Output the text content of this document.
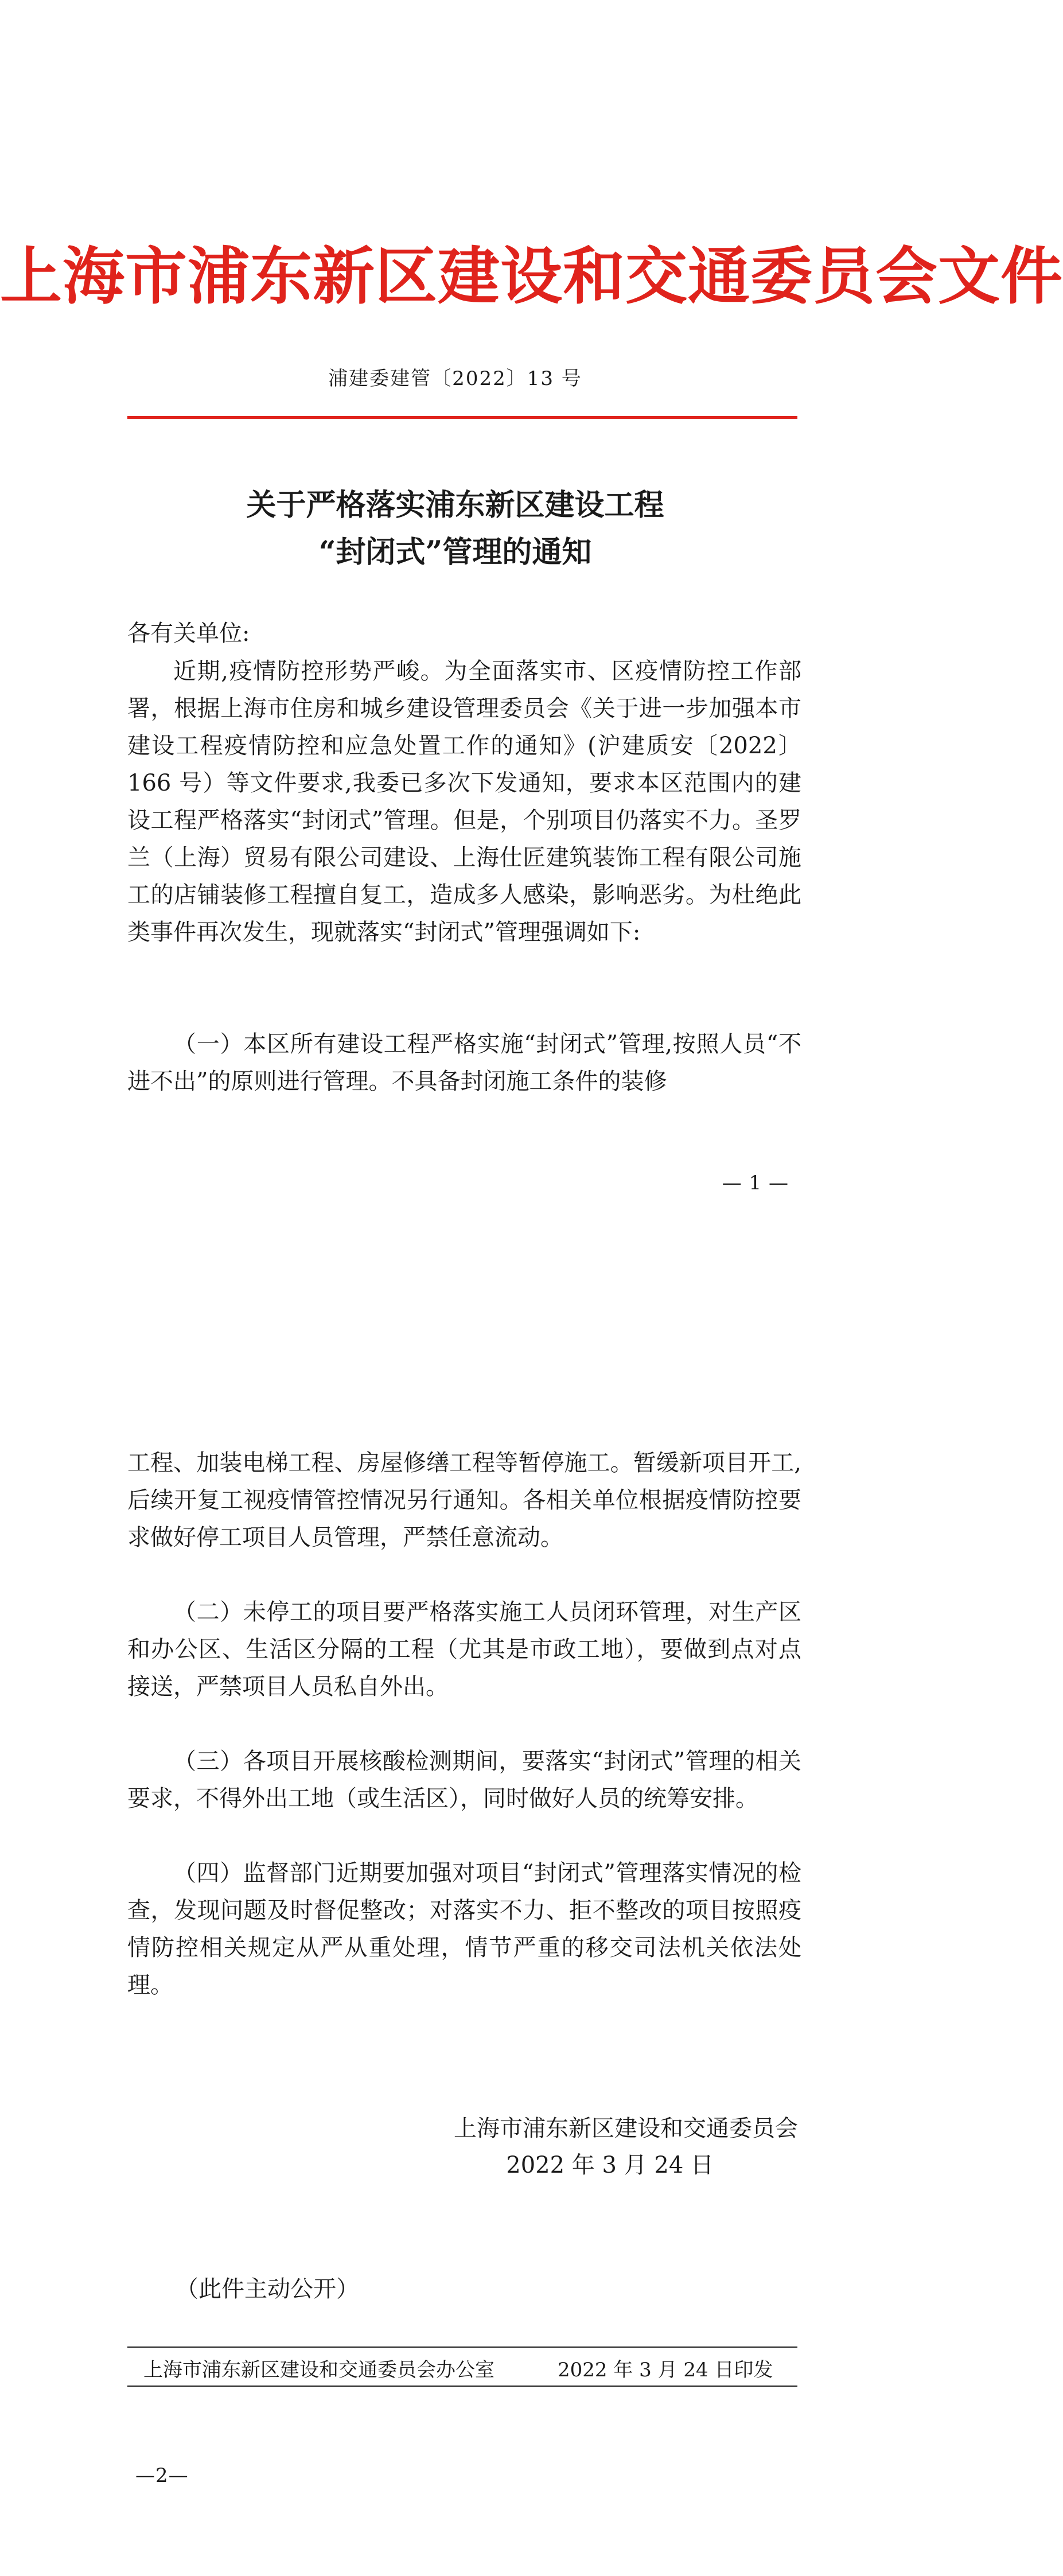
上海市浦东新区建设和交通委员会文件
浦建委建管〔2022〕13 号
关于严格落实浦东新区建设工程
“封闭式”管理的通知
各有关单位:

近期,疫情防控形势严峻。为全面落实市、区疫情防控工作部署，根据上海市住房和城乡建设管理委员会《关于进一步加强本市建设工程疫情防控和应急处置工作的通知》(沪建质安〔2022〕166 号）等文件要求,我委已多次下发通知，要求本区范围内的建设工程严格落实“封闭式”管理。但是，个别项目仍落实不力。圣罗兰（上海）贸易有限公司建设、上海仕匠建筑装饰工程有限公司施工的店铺装修工程擅自复工，造成多人感染，影响恶劣。为杜绝此类事件再次发生，现就落实“封闭式”管理强调如下:

（一）本区所有建设工程严格实施“封闭式”管理,按照人员“不进不出”的原则进行管理。不具备封闭施工条件的装修

— 1 —

工程、加装电梯工程、房屋修缮工程等暂停施工。暂缓新项目开工,后续开复工视疫情管控情况另行通知。各相关单位根据疫情防控要求做好停工项目人员管理，严禁任意流动。

（二）未停工的项目要严格落实施工人员闭环管理，对生产区和办公区、生活区分隔的工程（尤其是市政工地），要做到点对点接送，严禁项目人员私自外出。

（三）各项目开展核酸检测期间，要落实“封闭式”管理的相关要求，不得外出工地（或生活区），同时做好人员的统筹安排。

（四）监督部门近期要加强对项目“封闭式”管理落实情况的检查，发现问题及时督促整改；对落实不力、拒不整改的项目按照疫情防控相关规定从严从重处理，情节严重的移交司法机关依法处理。

上海市浦东新区建设和交通委员会
2022 年 3 月 24 日
（此件主动公开）
上海市浦东新区建设和交通委员会办公室	2022 年 3 月 24 日印发
—2—
